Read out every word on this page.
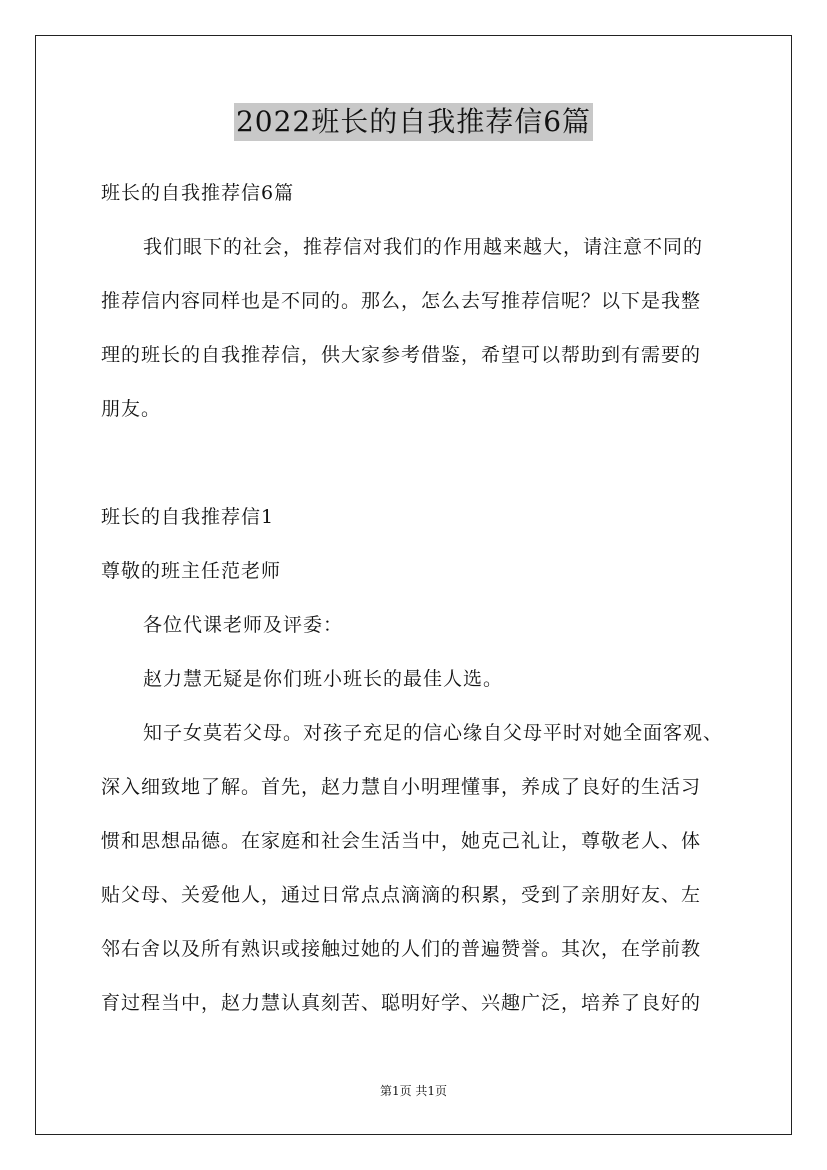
2022班长的自我推荐信6篇
班长的自我推荐信6篇
我们眼下的社会，推荐信对我们的作用越来越大，请注意不同的
推荐信内容同样也是不同的。那么，怎么去写推荐信呢？以下是我整
理的班长的自我推荐信，供大家参考借鉴，希望可以帮助到有需要的
朋友。
班长的自我推荐信1
尊敬的班主任范老师
各位代课老师及评委：
赵力慧无疑是你们班小班长的最佳人选。
知子女莫若父母。对孩子充足的信心缘自父母平时对她全面客观、
深入细致地了解。首先，赵力慧自小明理懂事，养成了良好的生活习
惯和思想品德。在家庭和社会生活当中，她克己礼让，尊敬老人、体
贴父母、关爱他人，通过日常点点滴滴的积累，受到了亲朋好友、左
邻右舍以及所有熟识或接触过她的人们的普遍赞誉。其次，在学前教
育过程当中，赵力慧认真刻苦、聪明好学、兴趣广泛，培养了良好的
第1页 共1页
